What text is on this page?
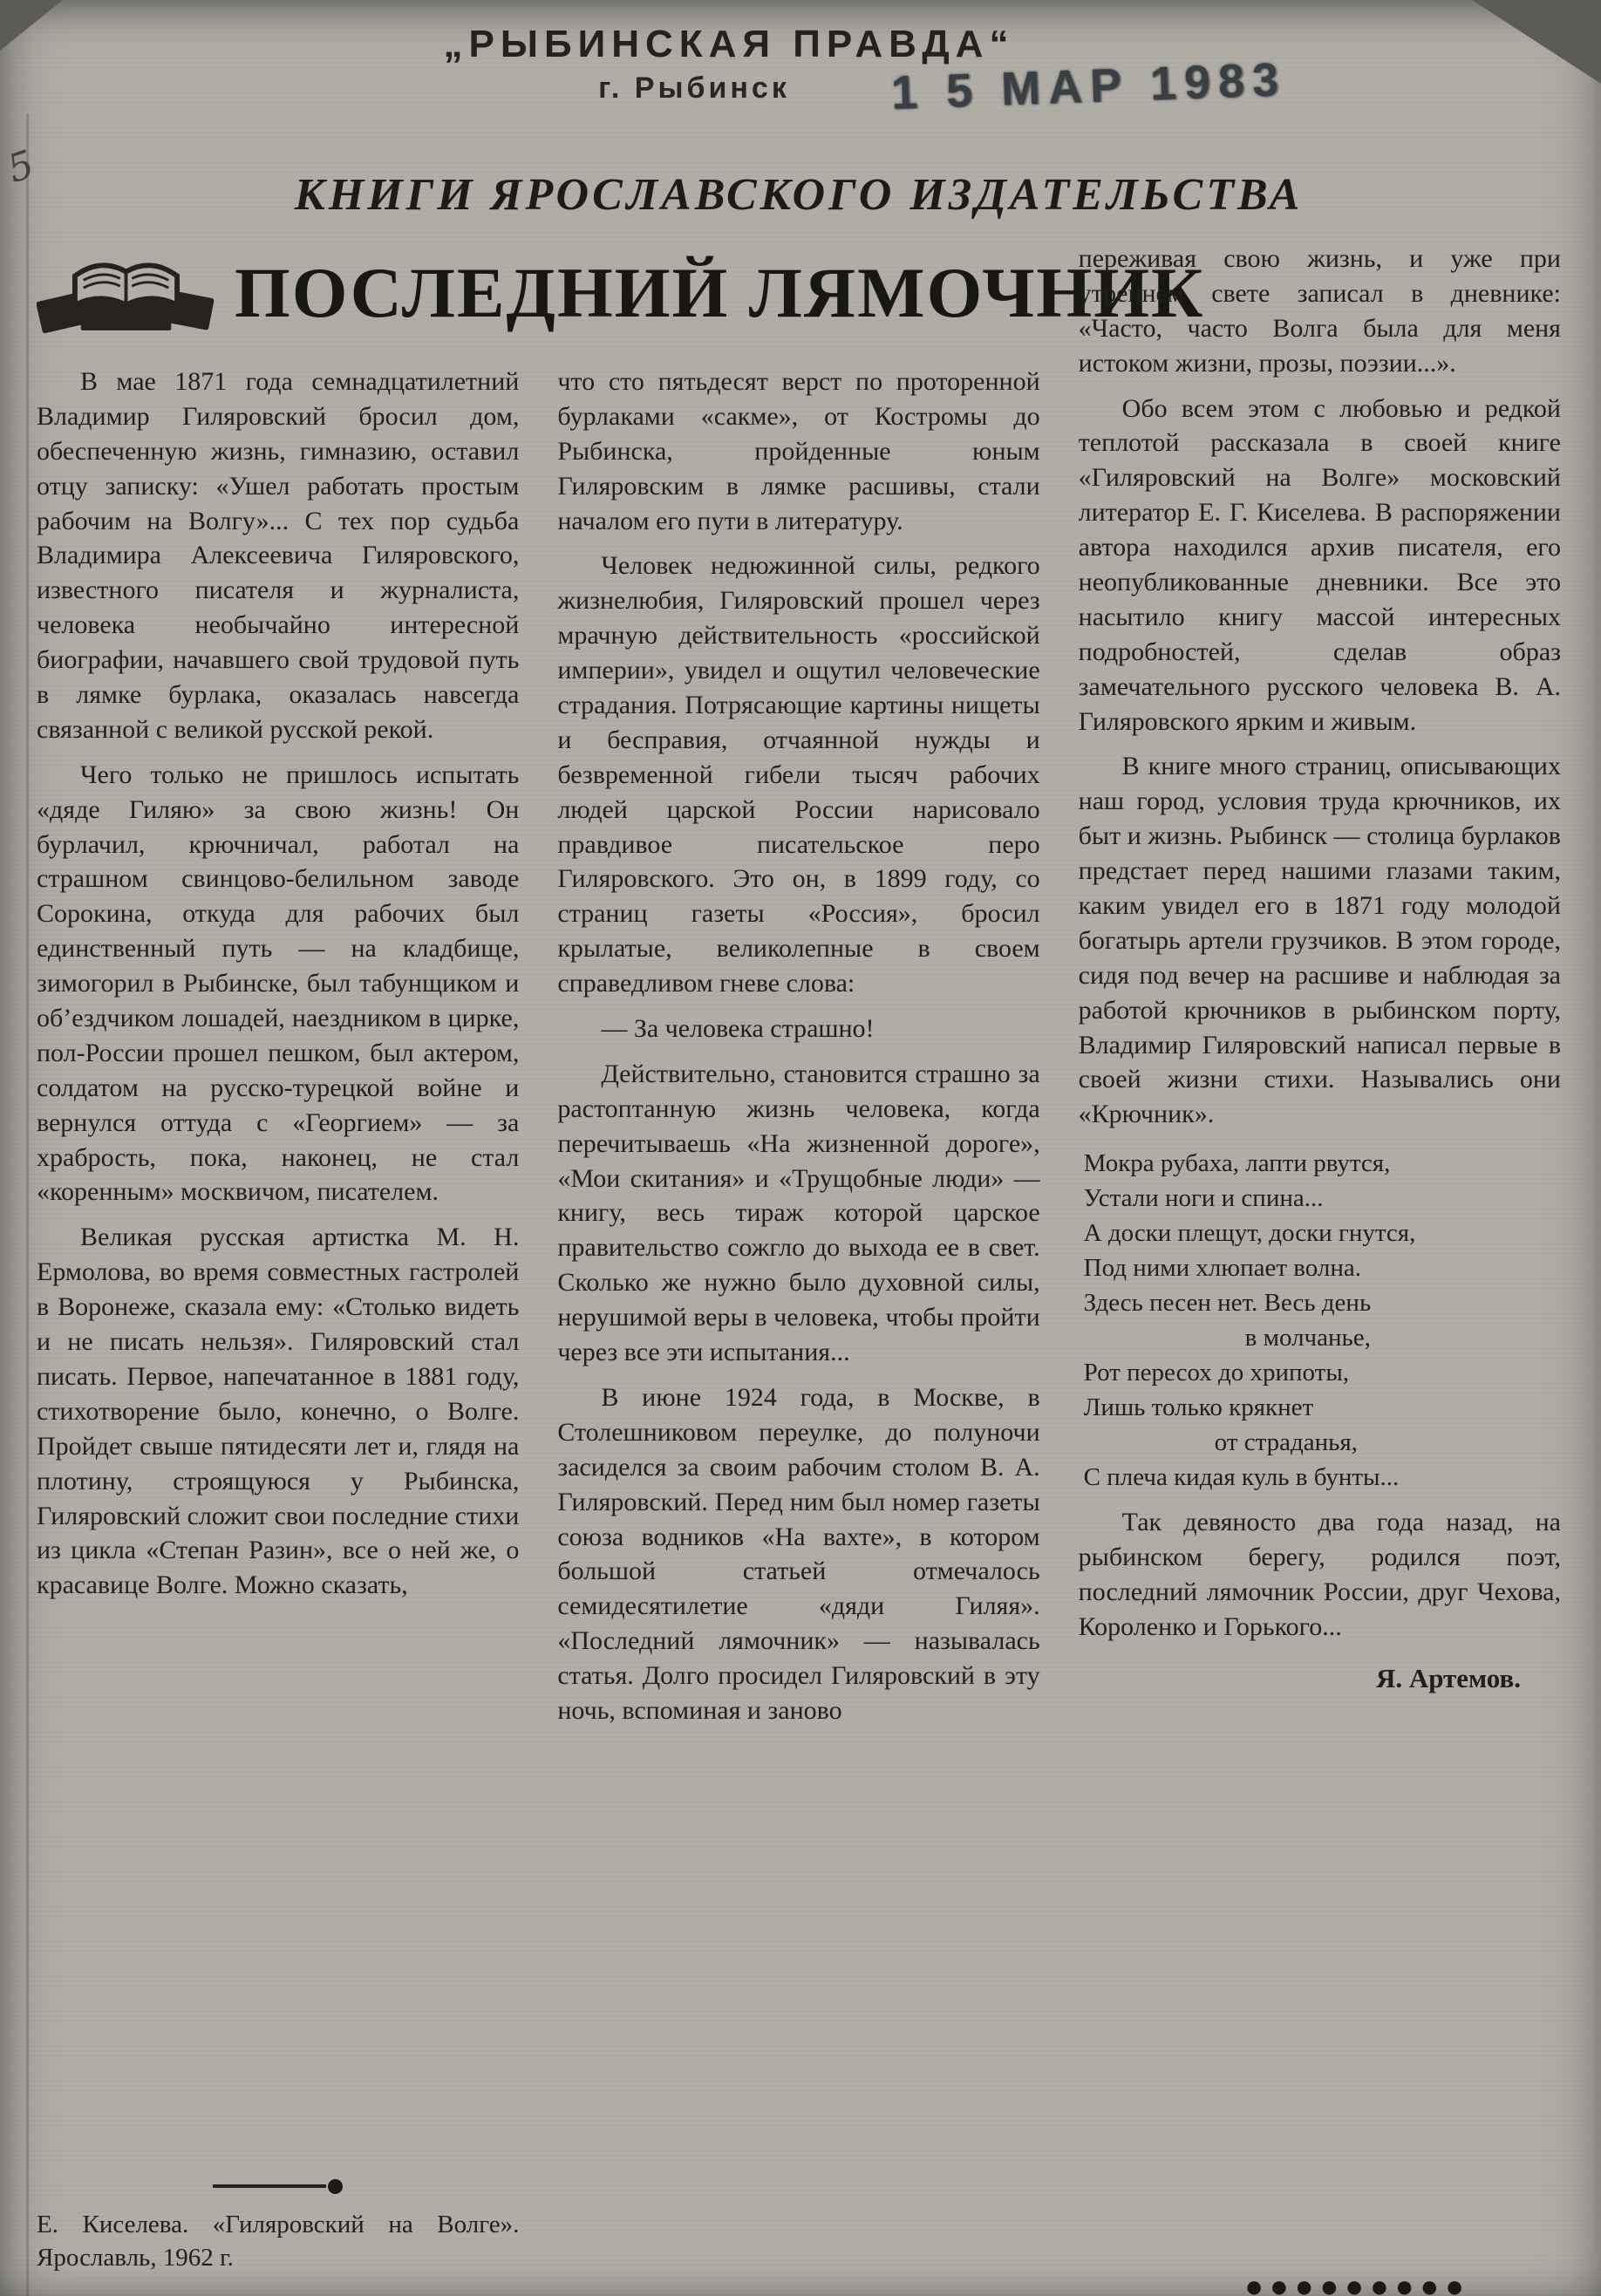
„РЫБИНСКАЯ ПРАВДА“
г. Рыбинск	1 5 МАР 1983
5
КНИГИ ЯРОСЛАВСКОГО ИЗДАТЕЛЬСТВА
ПОСЛЕДНИЙ ЛЯМОЧНИК

В мае 1871 года семнадцатилетний Владимир Гиляровский бросил дом, обеспеченную жизнь, гимназию, оставил отцу записку: «Ушел работать простым рабочим на Волгу»... С тех пор судьба Владимира Алексеевича Гиляровского, известного писателя и журналиста, человека необычайно интересной биографии, начавшего свой трудовой путь в лямке бурлака, оказалась навсегда связанной с великой русской рекой.

Чего только не пришлось испытать «дяде Гиляю» за свою жизнь! Он бурлачил, крючничал, работал на страшном свинцово-белильном заводе Сорокина, откуда для рабочих был единственный путь — на кладбище, зимогорил в Рыбинске, был табунщиком и об’ездчиком лошадей, наездником в цирке, пол-России прошел пешком, был актером, солдатом на русско-турецкой войне и вернулся оттуда с «Георгием» — за храбрость, пока, наконец, не стал «коренным» москвичом, писателем.

Великая русская артистка М. Н. Ермолова, во время совместных гастролей в Воронеже, сказала ему: «Столько видеть и не писать нельзя». Гиляровский стал писать. Первое, напечатанное в 1881 году, стихотворение было, конечно, о Волге. Пройдет свыше пятидесяти лет и, глядя на плотину, строящуюся у Рыбинска, Гиляровский сложит свои последние стихи из цикла «Степан Разин», все о ней же, о красавице Волге. Можно сказать,

Е. Киселева. «Гиляровский на Волге». Ярославль, 1962 г.

что сто пятьдесят верст по проторенной бурлаками «сакме», от Костромы до Рыбинска, пройденные юным Гиляровским в лямке расшивы, стали началом его пути в литературу.

Человек недюжинной силы, редкого жизнелюбия, Гиляровский прошел через мрачную действительность «российской империи», увидел и ощутил человеческие страдания. Потрясающие картины нищеты и бесправия, отчаянной нужды и безвременной гибели тысяч рабочих людей царской России нарисовало правдивое писательское перо Гиляровского. Это он, в 1899 году, со страниц газеты «Россия», бросил крылатые, великолепные в своем справедливом гневе слова:

— За человека страшно!

Действительно, становится страшно за растоптанную жизнь человека, когда перечитываешь «На жизненной дороге», «Мои скитания» и «Трущобные люди» — книгу, весь тираж которой царское правительство сожгло до выхода ее в свет. Сколько же нужно было духовной силы, нерушимой веры в человека, чтобы пройти через все эти испытания...

В июне 1924 года, в Москве, в Столешниковом переулке, до полуночи засиделся за своим рабочим столом В. А. Гиляровский. Перед ним был номер газеты союза водников «На вахте», в котором большой статьей отмечалось семидесятилетие «дяди Гиляя». «Последний лямочник» — называлась статья. Долго просидел Гиляровский в эту ночь, вспоминая и заново

переживая свою жизнь, и уже при утреннем свете записал в дневнике: «Часто, часто Волга была для меня истоком жизни, прозы, поэзии...».

Обо всем этом с любовью и редкой теплотой рассказала в своей книге «Гиляровский на Волге» московский литератор Е. Г. Киселева. В распоряжении автора находился архив писателя, его неопубликованные дневники. Все это насытило книгу массой интересных подробностей, сделав образ замечательного русского человека В. А. Гиляровского ярким и живым.

В книге много страниц, описывающих наш город, условия труда крючников, их быт и жизнь. Рыбинск — столица бурлаков предстает перед нашими глазами таким, каким увидел его в 1871 году молодой богатырь артели грузчиков. В этом городе, сидя под вечер на расшиве и наблюдая за работой крючников в рыбинском порту, Владимир Гиляровский написал первые в своей жизни стихи. Назывались они «Крючник».

Мокра рубаха, лапти рвутся,

Устали ноги и спина...

А доски плещут, доски гнутся,

Под ними хлюпает волна.

Здесь песен нет. Весь день

в молчанье,

Рот пересох до хрипоты,

Лишь только крякнет

от страданья,

С плеча кидая куль в бунты...

Так девяносто два года назад, на рыбинском берегу, родился поэт, последний лямочник России, друг Чехова, Короленко и Горького...

Я. Артемов.
●●●●●●●●●
